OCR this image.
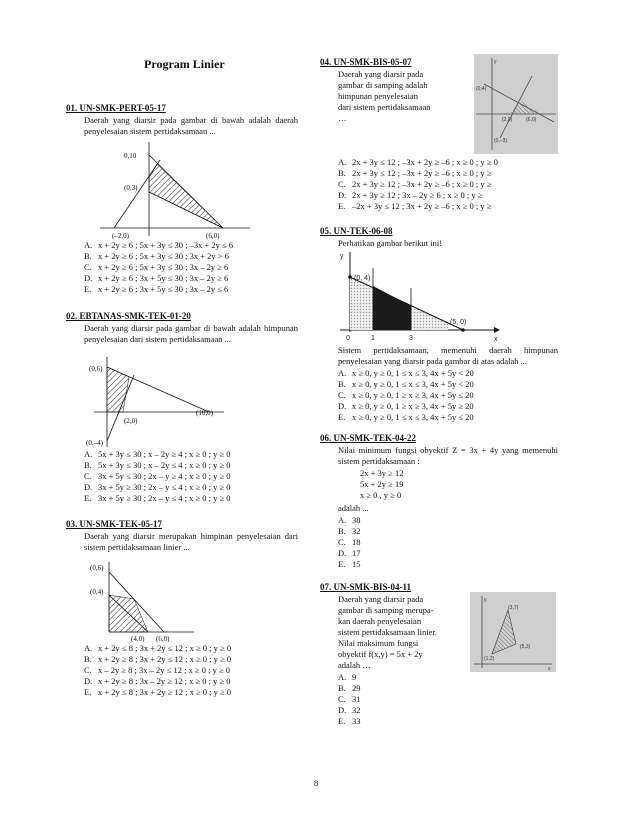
Program Linier
01. UN-SMK-PERT-05-17
Daerah yang diarsir pada gambar di bawah adalah daerah penyelesaian sistem pertidaksamaan ...
0,10
(0,3)
(–2,0)	(6,0)
A. x + 2y ≥ 6 ; 5x + 3y ≤ 30 ; –3x + 2y ≤ 6
B. x + 2y ≥ 6 ; 5x + 3y ≤ 30 ; 3x + 2y > 6
C. x + 2y ≥ 6 ; 5x + 3y ≤ 30 ; 3x – 2y ≥ 6
D. x + 2y ≥ 6 ; 3x + 5y ≤ 30 ; 3x – 2y ≥ 6
E. x + 2y ≥ 6 ; 3x + 5y ≤ 30 ; 3x – 2y ≤ 6
02. EBTANAS-SMK-TEK-01-20
Daerah yang diarsir pada gambar di bawah adalah himpunan penyelesaian dari sistem pertidaksamaan ...
(0,6)
(10,0)
(2,0)
(0,–4)
A. 5x + 3y ≤ 30 ; x – 2y ≥ 4 ; x ≥ 0 ; y ≥ 0
B. 5x + 3y ≤ 30 ; x – 2y ≤ 4 ; x ≥ 0 ; y ≥ 0
C. 3x + 5y ≤ 30 ; 2x – y ≥ 4 ; x ≥ 0 ; y ≥ 0
D. 3x + 5y ≥ 30 ; 2x – y ≤ 4 ; x ≥ 0 ; y ≥ 0
E. 3x + 5y ≥ 30 ; 2x – y ≤ 4 ; x ≥ 0 ; y ≥ 0
03. UN-SMK-TEK-05-17
Daerah yang diarsir merupakan himpinan penyelesaian dari sistem pertidaksamaan linier ...
(0,6)
(0,4)
(4,0) (6,0)
A. x + 2y ≤ 8 ; 3x + 2y ≤ 12 ; x ≥ 0 ; y ≥ 0
B. x + 2y ≥ 8 ; 3x + 2y ≤ 12 ; x ≥ 0 ; y ≥ 0
C. x – 2y ≥ 8 ; 3x – 2y ≤ 12 ; x ≥ 0 ; y ≥ 0
D. x + 2y ≥ 8 ; 3x – 2y ≥ 12 ; x ≥ 0 ; y ≥ 0
E. x + 2y ≤ 8 ; 3x + 2y ≥ 12 ; x ≥ 0 ; y ≥ 0
04. UN-SMK-BIS-05-07
Daerah yang diarsir pada
gambar di samping adalah
himpunan penyelesaian
dari sistem pertidaksamaan
…
y
(0,4)
(2,0)	(6,0)
(0,–3)
A. 2x + 3y ≤ 12 ; –3x + 2y ≥ –6 ; x ≥ 0 ; y ≥ 0
B. 2x + 3y ≤ 12 ; –3x + 2y ≥ –6 ; x ≥ 0 ; y ≥
C. 2x + 3y ≥ 12 ; –3x + 2y ≥ –6 ; x ≥ 0 ; y ≥
D. 2x + 3y ≥ 12 ; 3x – 2y ≥ 6 ; x ≥ 0 ; y ≥
E. –2x + 3y ≤ 12 ; 3x + 2y ≥ –6 ; x ≥ 0 ; y ≥
05. UN-TEK-06-08
Perhatikan gambar berikut ini!
y
(0, 4)
(5, 0)
0	1	3	x
Sistem pertidaksamaan, memenuhi daerah himpunan penyelesaian yang diarsir pada gambar di atas adalah ...
A. x ≥ 0, y ≥ 0, 1 ≤ x ≤ 3, 4x + 5y < 20
B. x ≥ 0, y ≥ 0, 1 ≤ x ≤ 3, 4x + 5y < 20
C. x ≥ 0, y ≥ 0, 1 ≥ x ≥ 3, 4x + 5y ≤ 20
D. x ≥ 0, y ≥ 0, 1 ≥ x ≥ 3, 4x + 5y ≥ 20
E. x ≥ 0, y ≥ 0, 1 ≤ x ≤ 3, 4x + 5y ≤ 20
06. UN-SMK-TEK-04-22
Nilai minimum fungsi obyektif Z = 3x + 4y yang memenuhi sistem pertidaksamaan :
2x + 3y ≥ 12
5x + 2y ≥ 19
x ≥ 0 , y ≥ 0
adalah ...
A. 38
B. 32
C. 18
D. 17
E. 15
07. UN-SMK-BIS-04-11
Daerah yang diarsir pada
gambar di samping merupa-
kan daerah penyelesaian
sistem pertidaksamaan linier.
Nilai maksimum fungsi
obyektif f(x,y) = 5x + 2y
adalah …
y
(3,7)
(5,3)
(1,2)
x
A. 9
B. 29
C. 31
D. 32
E. 33
8
